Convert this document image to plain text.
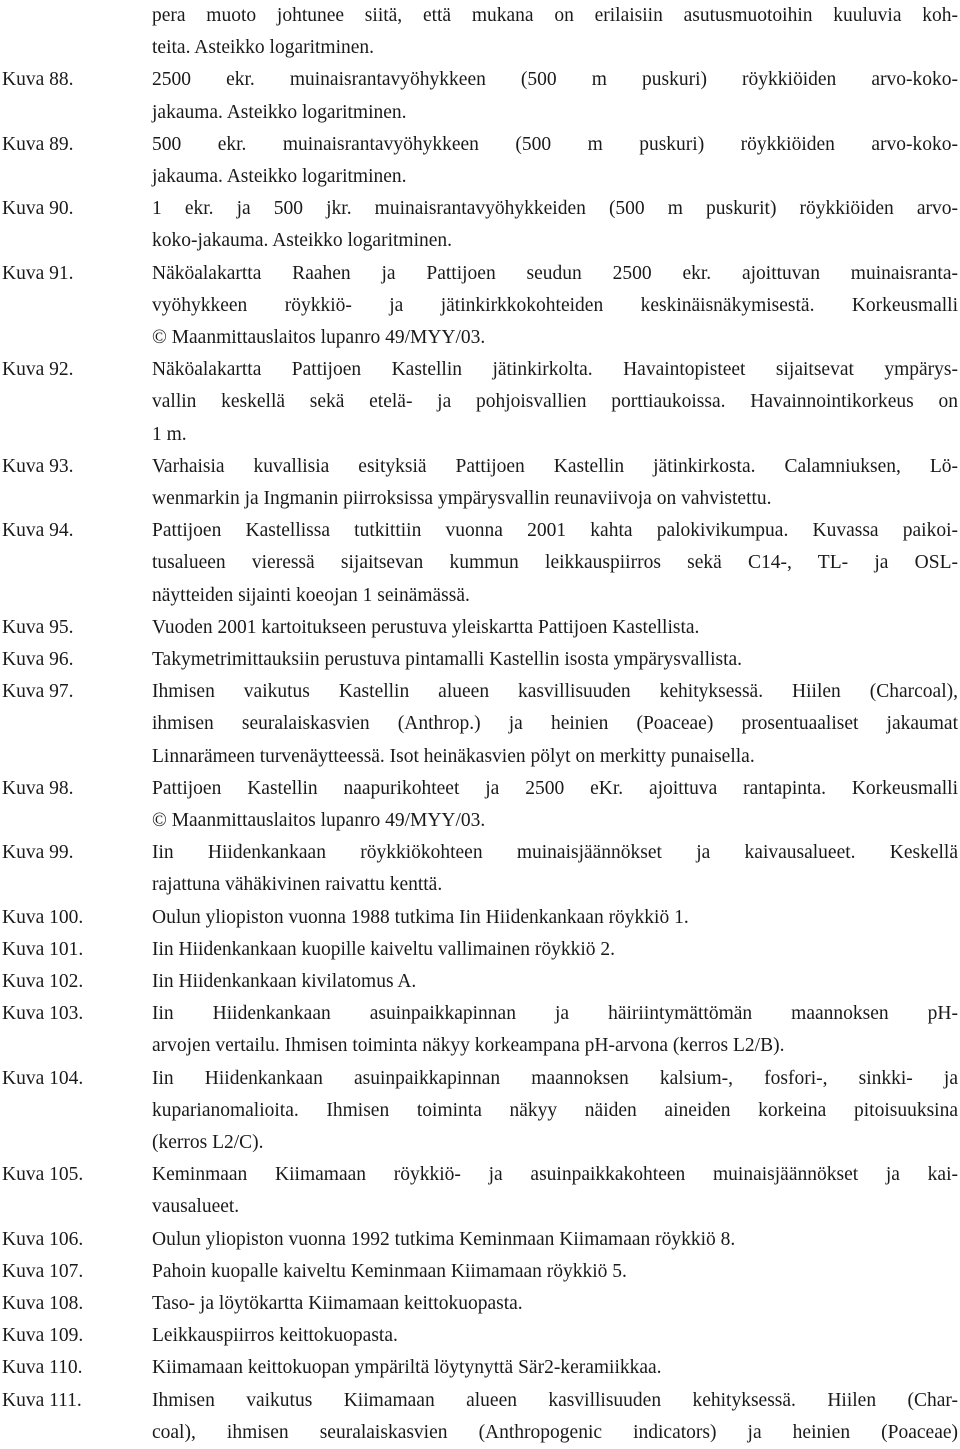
pera muoto johtunee siitä, että mukana on erilaisiin asutusmuotoihin kuuluvia koh-
teita. Asteikko logaritminen.
Kuva 88.	2500 ekr. muinaisrantavyöhykkeen (500 m puskuri) röykkiöiden arvo-koko-
jakauma. Asteikko logaritminen.
Kuva 89.	500 ekr. muinaisrantavyöhykkeen (500 m puskuri) röykkiöiden arvo-koko-
jakauma. Asteikko logaritminen.
Kuva 90.	1 ekr. ja 500 jkr. muinaisrantavyöhykkeiden (500 m puskurit) röykkiöiden arvo-
koko-jakauma. Asteikko logaritminen.
Kuva 91.	Näköalakartta Raahen ja Pattijoen seudun 2500 ekr. ajoittuvan muinaisranta-
vyöhykkeen röykkiö- ja jätinkirkkokohteiden keskinäisnäkymisestä. Korkeusmalli
© Maanmittauslaitos lupanro 49/MYY/03.
Kuva 92.	Näköalakartta Pattijoen Kastellin jätinkirkolta. Havaintopisteet sijaitsevat ympärys-
vallin keskellä sekä etelä- ja pohjoisvallien porttiaukoissa. Havainnointikorkeus on
1 m.
Kuva 93.	Varhaisia kuvallisia esityksiä Pattijoen Kastellin jätinkirkosta. Calamniuksen, Lö-
wenmarkin ja Ingmanin piirroksissa ympärysvallin reunaviivoja on vahvistettu.
Kuva 94.	Pattijoen Kastellissa tutkittiin vuonna 2001 kahta palokivikumpua. Kuvassa paikoi-
tusalueen vieressä sijaitsevan kummun leikkauspiirros sekä C14-, TL- ja OSL-
näytteiden sijainti koeojan 1 seinämässä.
Kuva 95.	Vuoden 2001 kartoitukseen perustuva yleiskartta Pattijoen Kastellista.
Kuva 96.	Takymetrimittauksiin perustuva pintamalli Kastellin isosta ympärysvallista.
Kuva 97.	Ihmisen vaikutus Kastellin alueen kasvillisuuden kehityksessä. Hiilen (Charcoal),
ihmisen seuralaiskasvien (Anthrop.) ja heinien (Poaceae) prosentuaaliset jakaumat
Linnarämeen turvenäytteessä. Isot heinäkasvien pölyt on merkitty punaisella.
Kuva 98.	Pattijoen Kastellin naapurikohteet ja 2500 eKr. ajoittuva rantapinta. Korkeusmalli
© Maanmittauslaitos lupanro 49/MYY/03.
Kuva 99.	Iin Hiidenkankaan röykkiökohteen muinaisjäännökset ja kaivausalueet. Keskellä
rajattuna vähäkivinen raivattu kenttä.
Kuva 100.	Oulun yliopiston vuonna 1988 tutkima Iin Hiidenkankaan röykkiö 1.
Kuva 101.	Iin Hiidenkankaan kuopille kaiveltu vallimainen röykkiö 2.
Kuva 102.	Iin Hiidenkankaan kivilatomus A.
Kuva 103.	Iin Hiidenkankaan asuinpaikkapinnan ja häiriintymättömän maannoksen pH-
arvojen vertailu. Ihmisen toiminta näkyy korkeampana pH-arvona (kerros L2/B).
Kuva 104.	Iin Hiidenkankaan asuinpaikkapinnan maannoksen kalsium-, fosfori-, sinkki- ja
kuparianomalioita. Ihmisen toiminta näkyy näiden aineiden korkeina pitoisuuksina
(kerros L2/C).
Kuva 105.	Keminmaan Kiimamaan röykkiö- ja asuinpaikkakohteen muinaisjäännökset ja kai-
vausalueet.
Kuva 106.	Oulun yliopiston vuonna 1992 tutkima Keminmaan Kiimamaan röykkiö 8.
Kuva 107.	Pahoin kuopalle kaiveltu Keminmaan Kiimamaan röykkiö 5.
Kuva 108.	Taso- ja löytökartta Kiimamaan keittokuopasta.
Kuva 109.	Leikkauspiirros keittokuopasta.
Kuva 110.	Kiimamaan keittokuopan ympäriltä löytynyttä Sär2-keramiikkaa.
Kuva 111.	Ihmisen vaikutus Kiimamaan alueen kasvillisuuden kehityksessä. Hiilen (Char-
coal), ihmisen seuralaiskasvien (Anthropogenic indicators) ja heinien (Poaceae)
